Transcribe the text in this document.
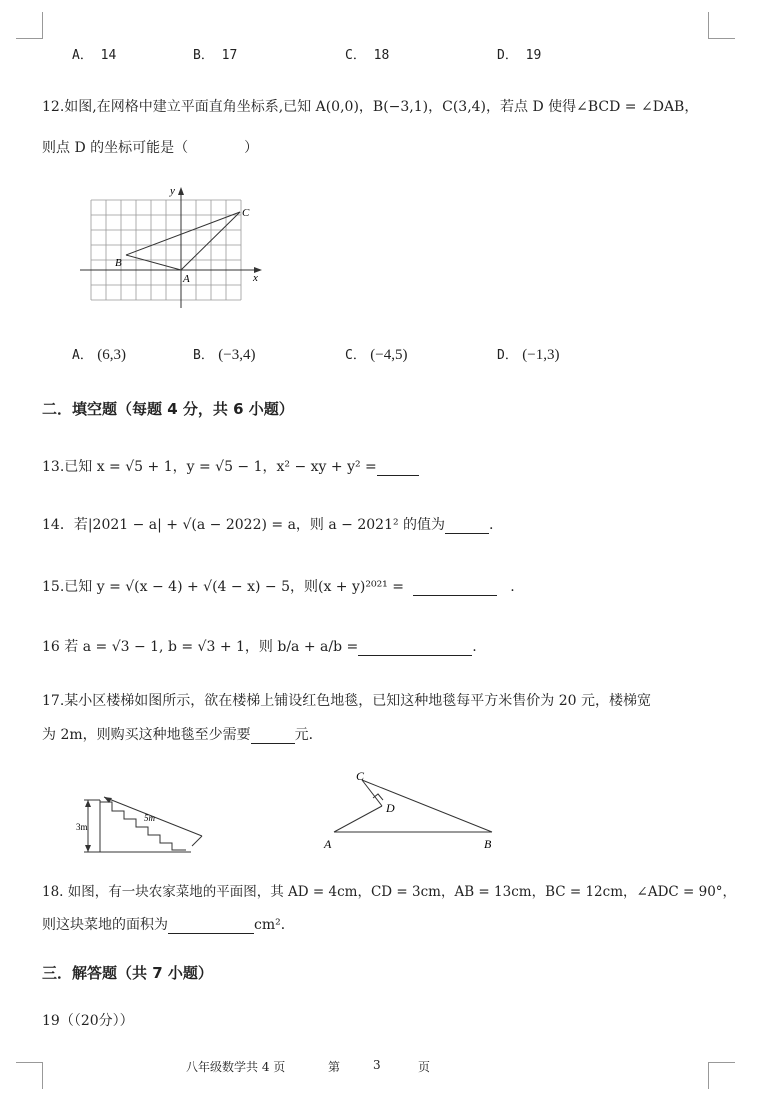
A． 14	B． 17	C． 18	D． 19
12.如图,在网格中建立平面直角坐标系,已知 A(0,0)，B(−3,1)，C(3,4)，若点 D 使得∠BCD = ∠DAB，
则点 D 的坐标可能是（　　　　）
y
x
A
B
C
A． (6,3)	B． (−3,4)	C． (−4,5)	D． (−1,3)
二．填空题（每题 4 分，共 6 小题）
13.已知 x = √5 + 1，y = √5 − 1，x² − xy + y² =
14．若|2021 − a| + √(a − 2022) = a，则 a − 2021² 的值为	.
15.已知 y = √(x − 4) + √(4 − x) − 5，则(x + y)²⁰²¹ =	.
16 若 a = √3 − 1, b = √3 + 1，则 b/a + a/b =	.
17.某小区楼梯如图所示，欲在楼梯上铺设红色地毯，已知这种地毯每平方米售价为 20 元，楼梯宽
为 2m，则购买这种地毯至少需要	元．
3m
5m
A	B
C
D
18. 如图，有一块农家菜地的平面图，其 AD = 4cm，CD = 3cm，AB = 13cm，BC = 12cm，∠ADC = 90°，
则这块菜地的面积为	cm²．
三．解答题（共 7 小题）
19（（20分））
八年级数学共 4 页	第	3	页
